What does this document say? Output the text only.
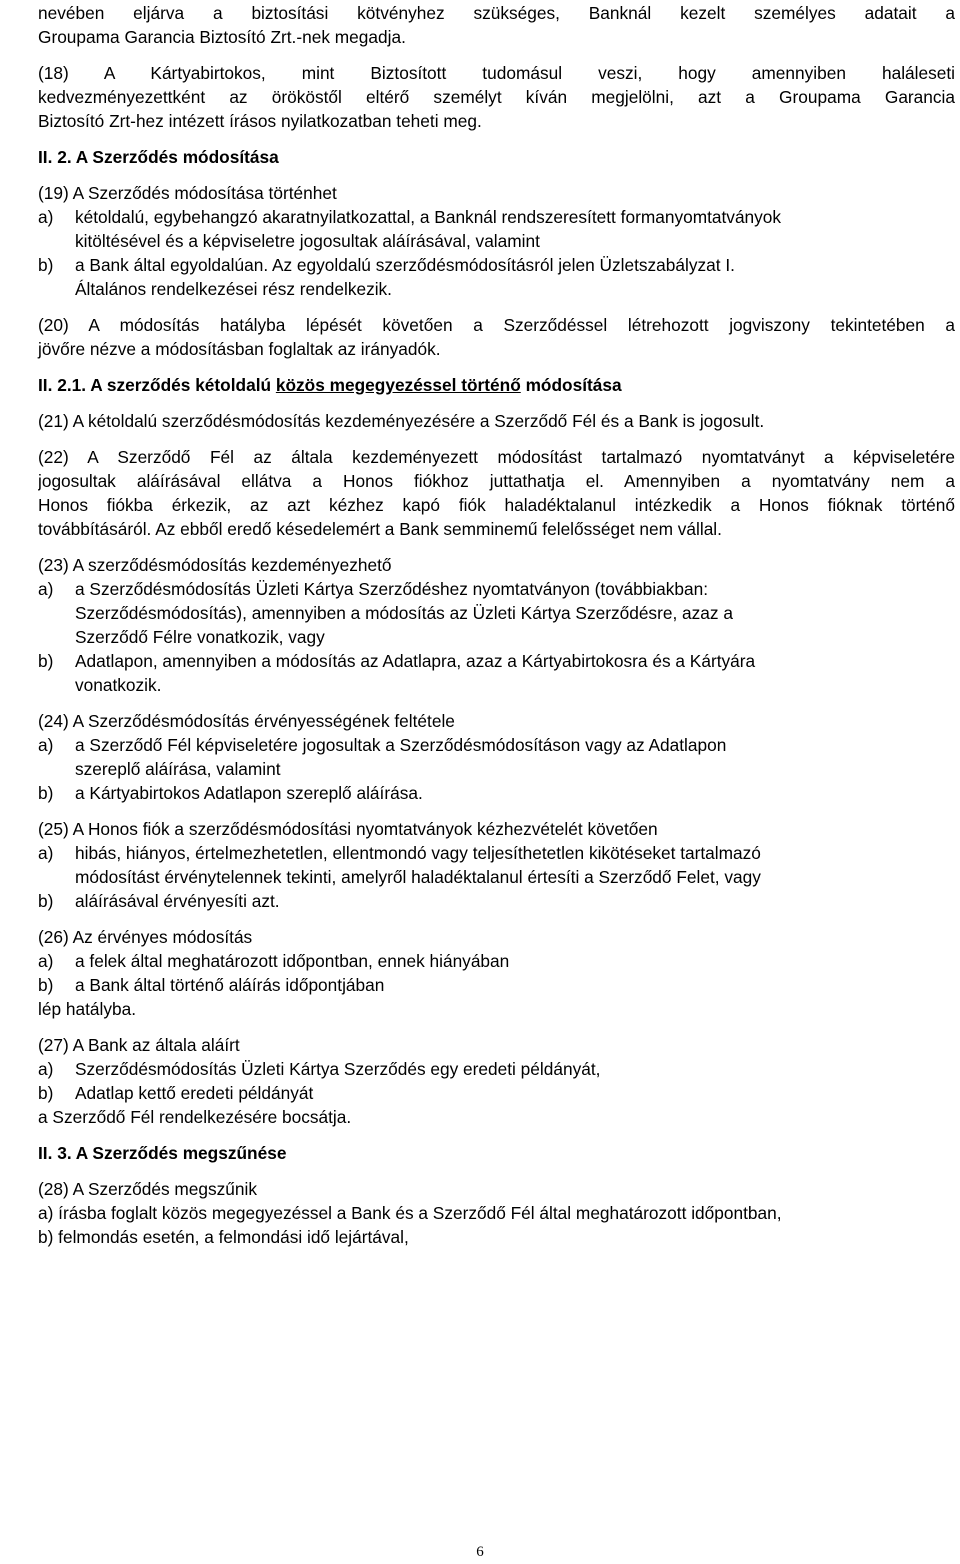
nevében eljárva a biztosítási kötvényhez szükséges, Banknál kezelt személyes adatait a
Groupama Garancia Biztosító Zrt.-nek megadja.
(18) A Kártyabirtokos, mint Biztosított tudomásul veszi, hogy amennyiben haláleseti
kedvezményezettként az örököstől eltérő személyt kíván megjelölni, azt a Groupama Garancia
Biztosító Zrt-hez intézett írásos nyilatkozatban teheti meg.
II. 2. A Szerződés módosítása
(19) A Szerződés módosítása történhet
a) kétoldalú, egybehangzó akaratnyilatkozattal, a Banknál rendszeresített formanyomtatványok
kitöltésével és a képviseletre jogosultak aláírásával, valamint
b) a Bank által egyoldalúan. Az egyoldalú szerződésmódosításról jelen Üzletszabályzat I.
Általános rendelkezései rész rendelkezik.
(20) A módosítás hatályba lépését követően a Szerződéssel létrehozott jogviszony tekintetében a
jövőre nézve a módosításban foglaltak az irányadók.
II. 2.1. A szerződés kétoldalú közös megegyezéssel történő módosítása
(21) A kétoldalú szerződésmódosítás kezdeményezésére a Szerződő Fél és a Bank is jogosult.
(22) A Szerződő Fél az általa kezdeményezett módosítást tartalmazó nyomtatványt a képviseletére
jogosultak aláírásával ellátva a Honos fiókhoz juttathatja el. Amennyiben a nyomtatvány nem a
Honos fiókba érkezik, az azt kézhez kapó fiók haladéktalanul intézkedik a Honos fióknak történő
továbbításáról. Az ebből eredő késedelemért a Bank semminemű felelősséget nem vállal.
(23) A szerződésmódosítás kezdeményezhető
a) a Szerződésmódosítás Üzleti Kártya Szerződéshez nyomtatványon (továbbiakban:
Szerződésmódosítás), amennyiben a módosítás az Üzleti Kártya Szerződésre, azaz a
Szerződő Félre vonatkozik, vagy
b) Adatlapon, amennyiben a módosítás az Adatlapra, azaz a Kártyabirtokosra és a Kártyára
vonatkozik.
(24) A Szerződésmódosítás érvényességének feltétele
a) a Szerződő Fél képviseletére jogosultak a Szerződésmódosításon vagy az Adatlapon
szereplő aláírása, valamint
b) a Kártyabirtokos Adatlapon szereplő aláírása.
(25) A Honos fiók a szerződésmódosítási nyomtatványok kézhezvételét követően
a) hibás, hiányos, értelmezhetetlen, ellentmondó vagy teljesíthetetlen kikötéseket tartalmazó
módosítást érvénytelennek tekinti, amelyről haladéktalanul értesíti a Szerződő Felet, vagy
b) aláírásával érvényesíti azt.
(26) Az érvényes módosítás
a) a felek által meghatározott időpontban, ennek hiányában
b) a Bank által történő aláírás időpontjában
lép hatályba.
(27) A Bank az általa aláírt
a) Szerződésmódosítás Üzleti Kártya Szerződés egy eredeti példányát,
b) Adatlap kettő eredeti példányát
a Szerződő Fél rendelkezésére bocsátja.
II. 3. A Szerződés megszűnése
(28) A Szerződés megszűnik
a) írásba foglalt közös megegyezéssel a Bank és a Szerződő Fél által meghatározott időpontban,
b) felmondás esetén, a felmondási idő lejártával,
6
